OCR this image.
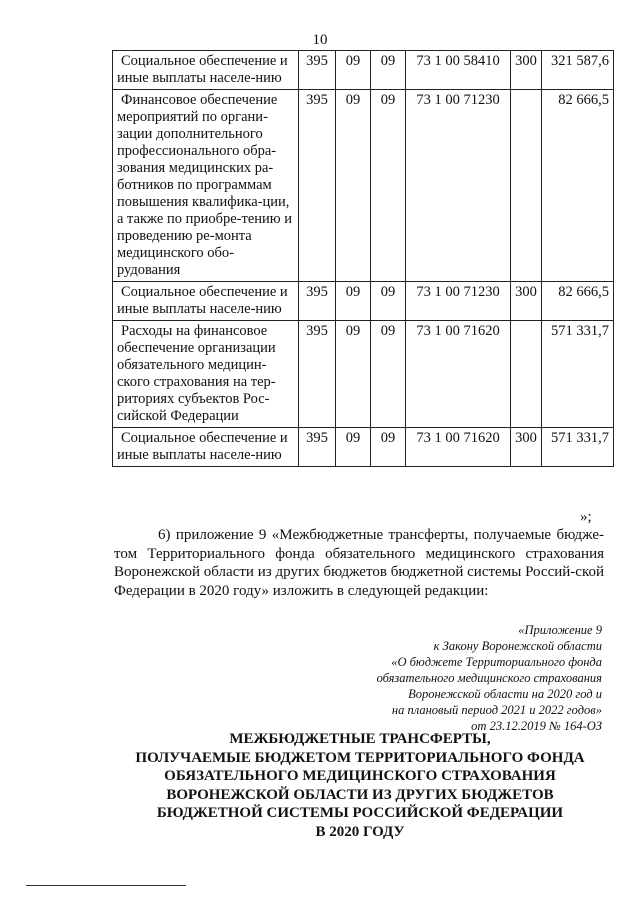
10
Социальное обеспечение и иные выплаты населе-нию	395	09	09	73 1 00 58410	300	321 587,6
Финансовое обеспечение мероприятий по органи-зации дополнительного профессионального обра-зования медицинских ра-ботников по программам повышения квалифика-ции, а также по приобре-тению и проведению ре-монта медицинского обо-рудования	395	09	09	73 1 00 71230		82 666,5
Социальное обеспечение и иные выплаты населе-нию	395	09	09	73 1 00 71230	300	82 666,5
Расходы на финансовое обеспечение организации обязательного медицин-ского страхования на тер-риториях субъектов Рос-сийской Федерации	395	09	09	73 1 00 71620		571 331,7
Социальное обеспечение и иные выплаты населе-нию	395	09	09	73 1 00 71620	300	571 331,7
»;
6) приложение 9 «Межбюджетные трансферты, получаемые бюдже-том Территориального фонда обязательного медицинского страхования Воронежской области из других бюджетов бюджетной системы Россий-ской Федерации в 2020 году» изложить в следующей редакции:
«Приложение 9
к Закону Воронежской области
«О бюджете Территориального фонда
обязательного медицинского страхования
Воронежской области на 2020 год и
на плановый период 2021 и 2022 годов»
от 23.12.2019 № 164-ОЗ
МЕЖБЮДЖЕТНЫЕ ТРАНСФЕРТЫ,
ПОЛУЧАЕМЫЕ БЮДЖЕТОМ ТЕРРИТОРИАЛЬНОГО ФОНДА
ОБЯЗАТЕЛЬНОГО МЕДИЦИНСКОГО СТРАХОВАНИЯ
ВОРОНЕЖСКОЙ ОБЛАСТИ ИЗ ДРУГИХ БЮДЖЕТОВ
БЮДЖЕТНОЙ СИСТЕМЫ РОССИЙСКОЙ ФЕДЕРАЦИИ
В 2020 ГОДУ
